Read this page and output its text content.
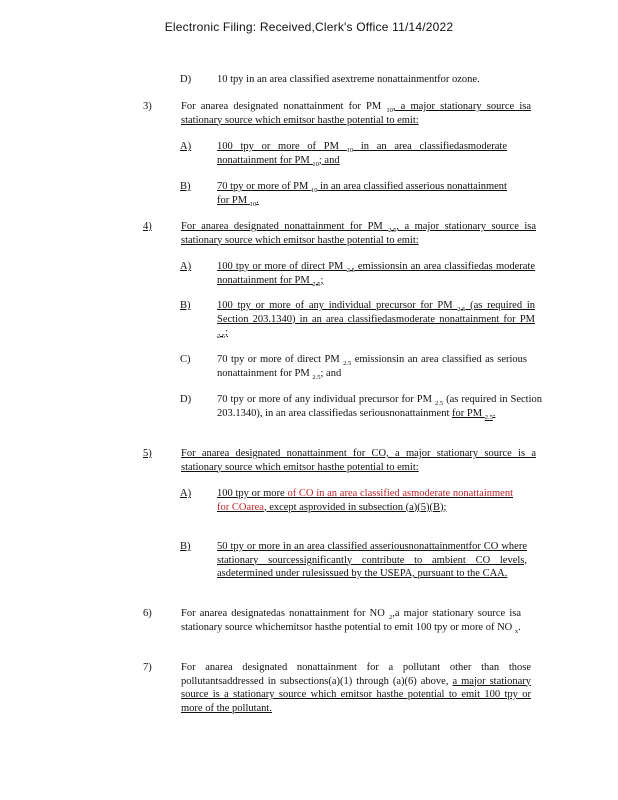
Electronic Filing: Received,Clerk's Office 11/14/2022
D) 10 tpy in an area classified asextreme nonattainmentfor ozone.
3)	For anarea designated nonattainment for PM $_{10}$, a major stationary source isa stationary source which emitsor hasthe potential to emit:
A) 100 tpy or more of PM $_{10}$ in an area classifiedasmoderate nonattainment for PM $_{10}$; and
B)	70 tpy or more of PM $_{10}$ in an area classified asserious nonattainment for PM $_{10}$.
4)	For anarea designated nonattainment for PM $_{2.5}$, a major stationary source isa stationary source which emitsor hasthe potential to emit:
A) 100 tpy or more of direct PM $_{2.5}$ emissionsin an area classifiedas moderate nonattainment for PM $_{2.5}$;
B)	100 tpy or more of any individual precursor for PM $_{2.5}$ (as required in Section 203.1340) in an area classifiedasmoderate nonattainment for PM $_{2.5}$;
C)	70 tpy or more of direct PM $_{2.5}$ emissionsin an area classified as serious nonattainment for PM $_{2.5}$; and
D) 70 tpy or more of any individual precursor for PM $_{2.5}$ (as required in Section 203.1340), in an area classifiedas seriousnonattainment for PM $_{2.5}$.
5)	For anarea designated nonattainment for CO, a major stationary source is a stationary source which emitsor hasthe potential to emit:
A) 100 tpy or more of CO in an area classified asmoderate nonattainment for COarea, except asprovided in subsection (a)(5)(B);
B)	50 tpy or more in an area classified asseriousnonattainmentfor CO where stationary sourcessignificantly contribute to ambient CO levels, asdetermined under rulesissued by the USEPA, pursuant to the CAA.
6)	For anarea designatedas nonattainment for NO $_2$,a major stationary source isa stationary source whichemitsor hasthe potential to emit 100 tpy or more of NO $_x$.
7)	For anarea designated nonattainment for a pollutant other than those pollutantsaddressed in subsections(a)(1) through (a)(6) above, a major stationary source is a stationary source which emitsor hasthe potential to emit 100 tpy or more of the pollutant.
